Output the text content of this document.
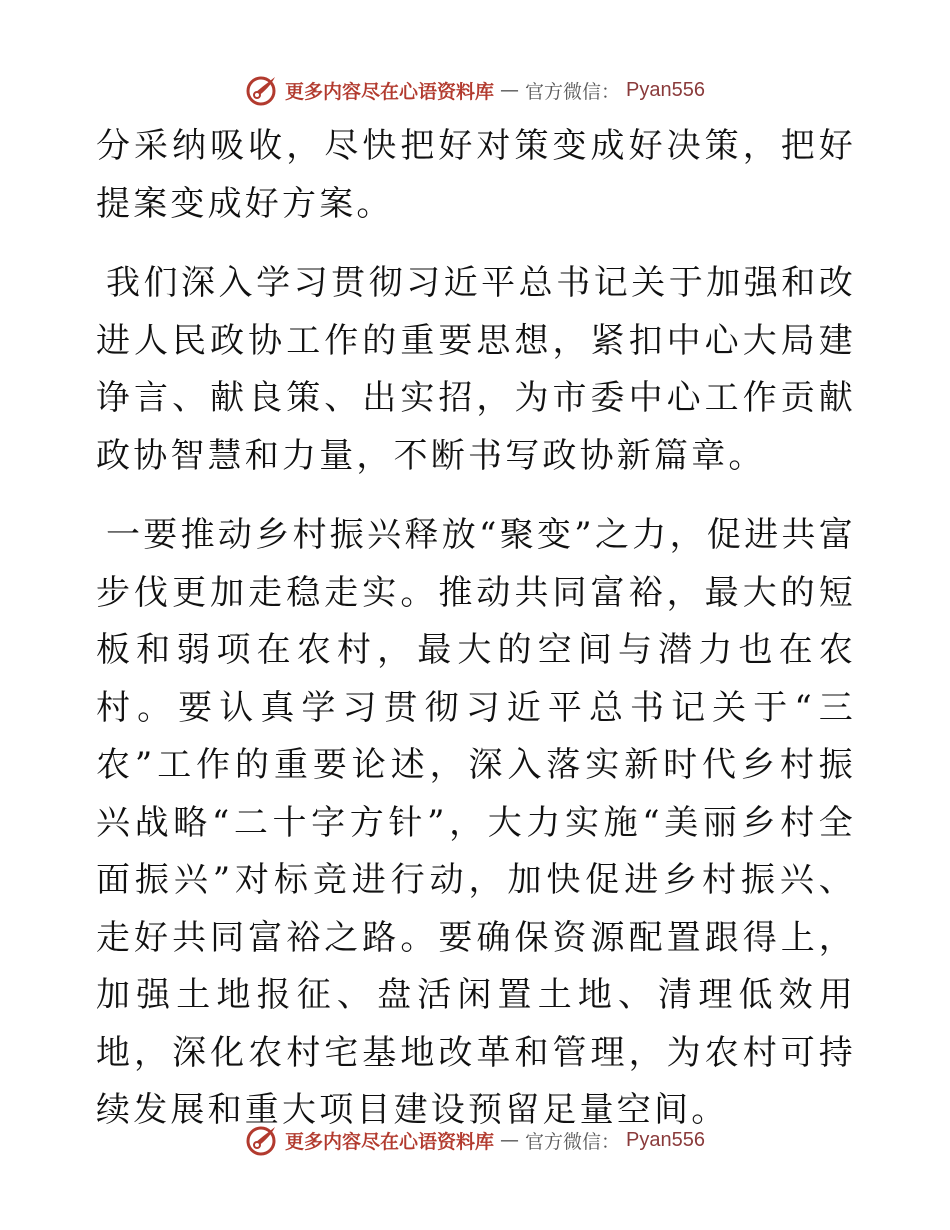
更多内容尽在心语资料库 — 官方微信： Pyan556

分采纳吸收，尽快把好对策变成好决策，把好提案变成好方案。

我们深入学习贯彻习近平总书记关于加强和改进人民政协工作的重要思想，紧扣中心大局建诤言、献良策、出实招，为市委中心工作贡献政协智慧和力量，不断书写政协新篇章。

一要推动乡村振兴释放“聚变”之力，促进共富步伐更加走稳走实。推动共同富裕，最大的短板和弱项在农村，最大的空间与潜力也在农村。要认真学习贯彻习近平总书记关于“三农”工作的重要论述，深入落实新时代乡村振兴战略“二十字方针”，大力实施“美丽乡村全面振兴”对标竞进行动，加快促进乡村振兴、走好共同富裕之路。要确保资源配置跟得上，加强土地报征、盘活闲置土地、清理低效用地，深化农村宅基地改革和管理，为农村可持续发展和重大项目建设预留足量空间。

更多内容尽在心语资料库 — 官方微信： Pyan556
